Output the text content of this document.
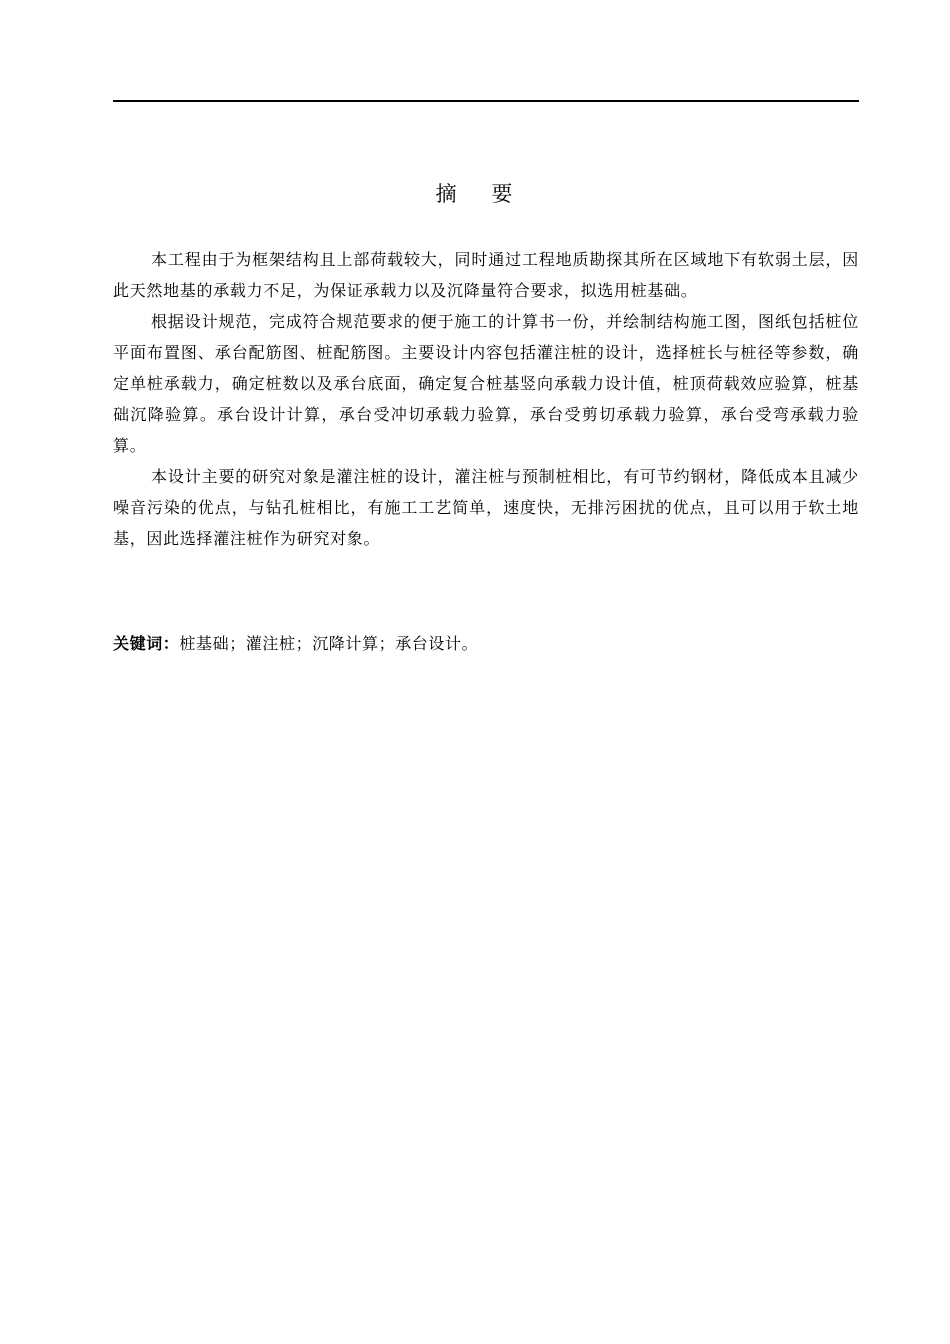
摘 要

本工程由于为框架结构且上部荷载较大，同时通过工程地质勘探其所在区域地下有软弱土层，因此天然地基的承载力不足，为保证承载力以及沉降量符合要求，拟选用桩基础。

根据设计规范，完成符合规范要求的便于施工的计算书一份，并绘制结构施工图，图纸包括桩位平面布置图、承台配筋图、桩配筋图。主要设计内容包括灌注桩的设计，选择桩长与桩径等参数，确定单桩承载力，确定桩数以及承台底面，确定复合桩基竖向承载力设计值，桩顶荷载效应验算，桩基础沉降验算。承台设计计算，承台受冲切承载力验算，承台受剪切承载力验算，承台受弯承载力验算。

本设计主要的研究对象是灌注桩的设计，灌注桩与预制桩相比，有可节约钢材，降低成本且减少噪音污染的优点，与钻孔桩相比，有施工工艺简单，速度快，无排污困扰的优点，且可以用于软土地基，因此选择灌注桩作为研究对象。

关键词：桩基础；灌注桩；沉降计算；承台设计。
